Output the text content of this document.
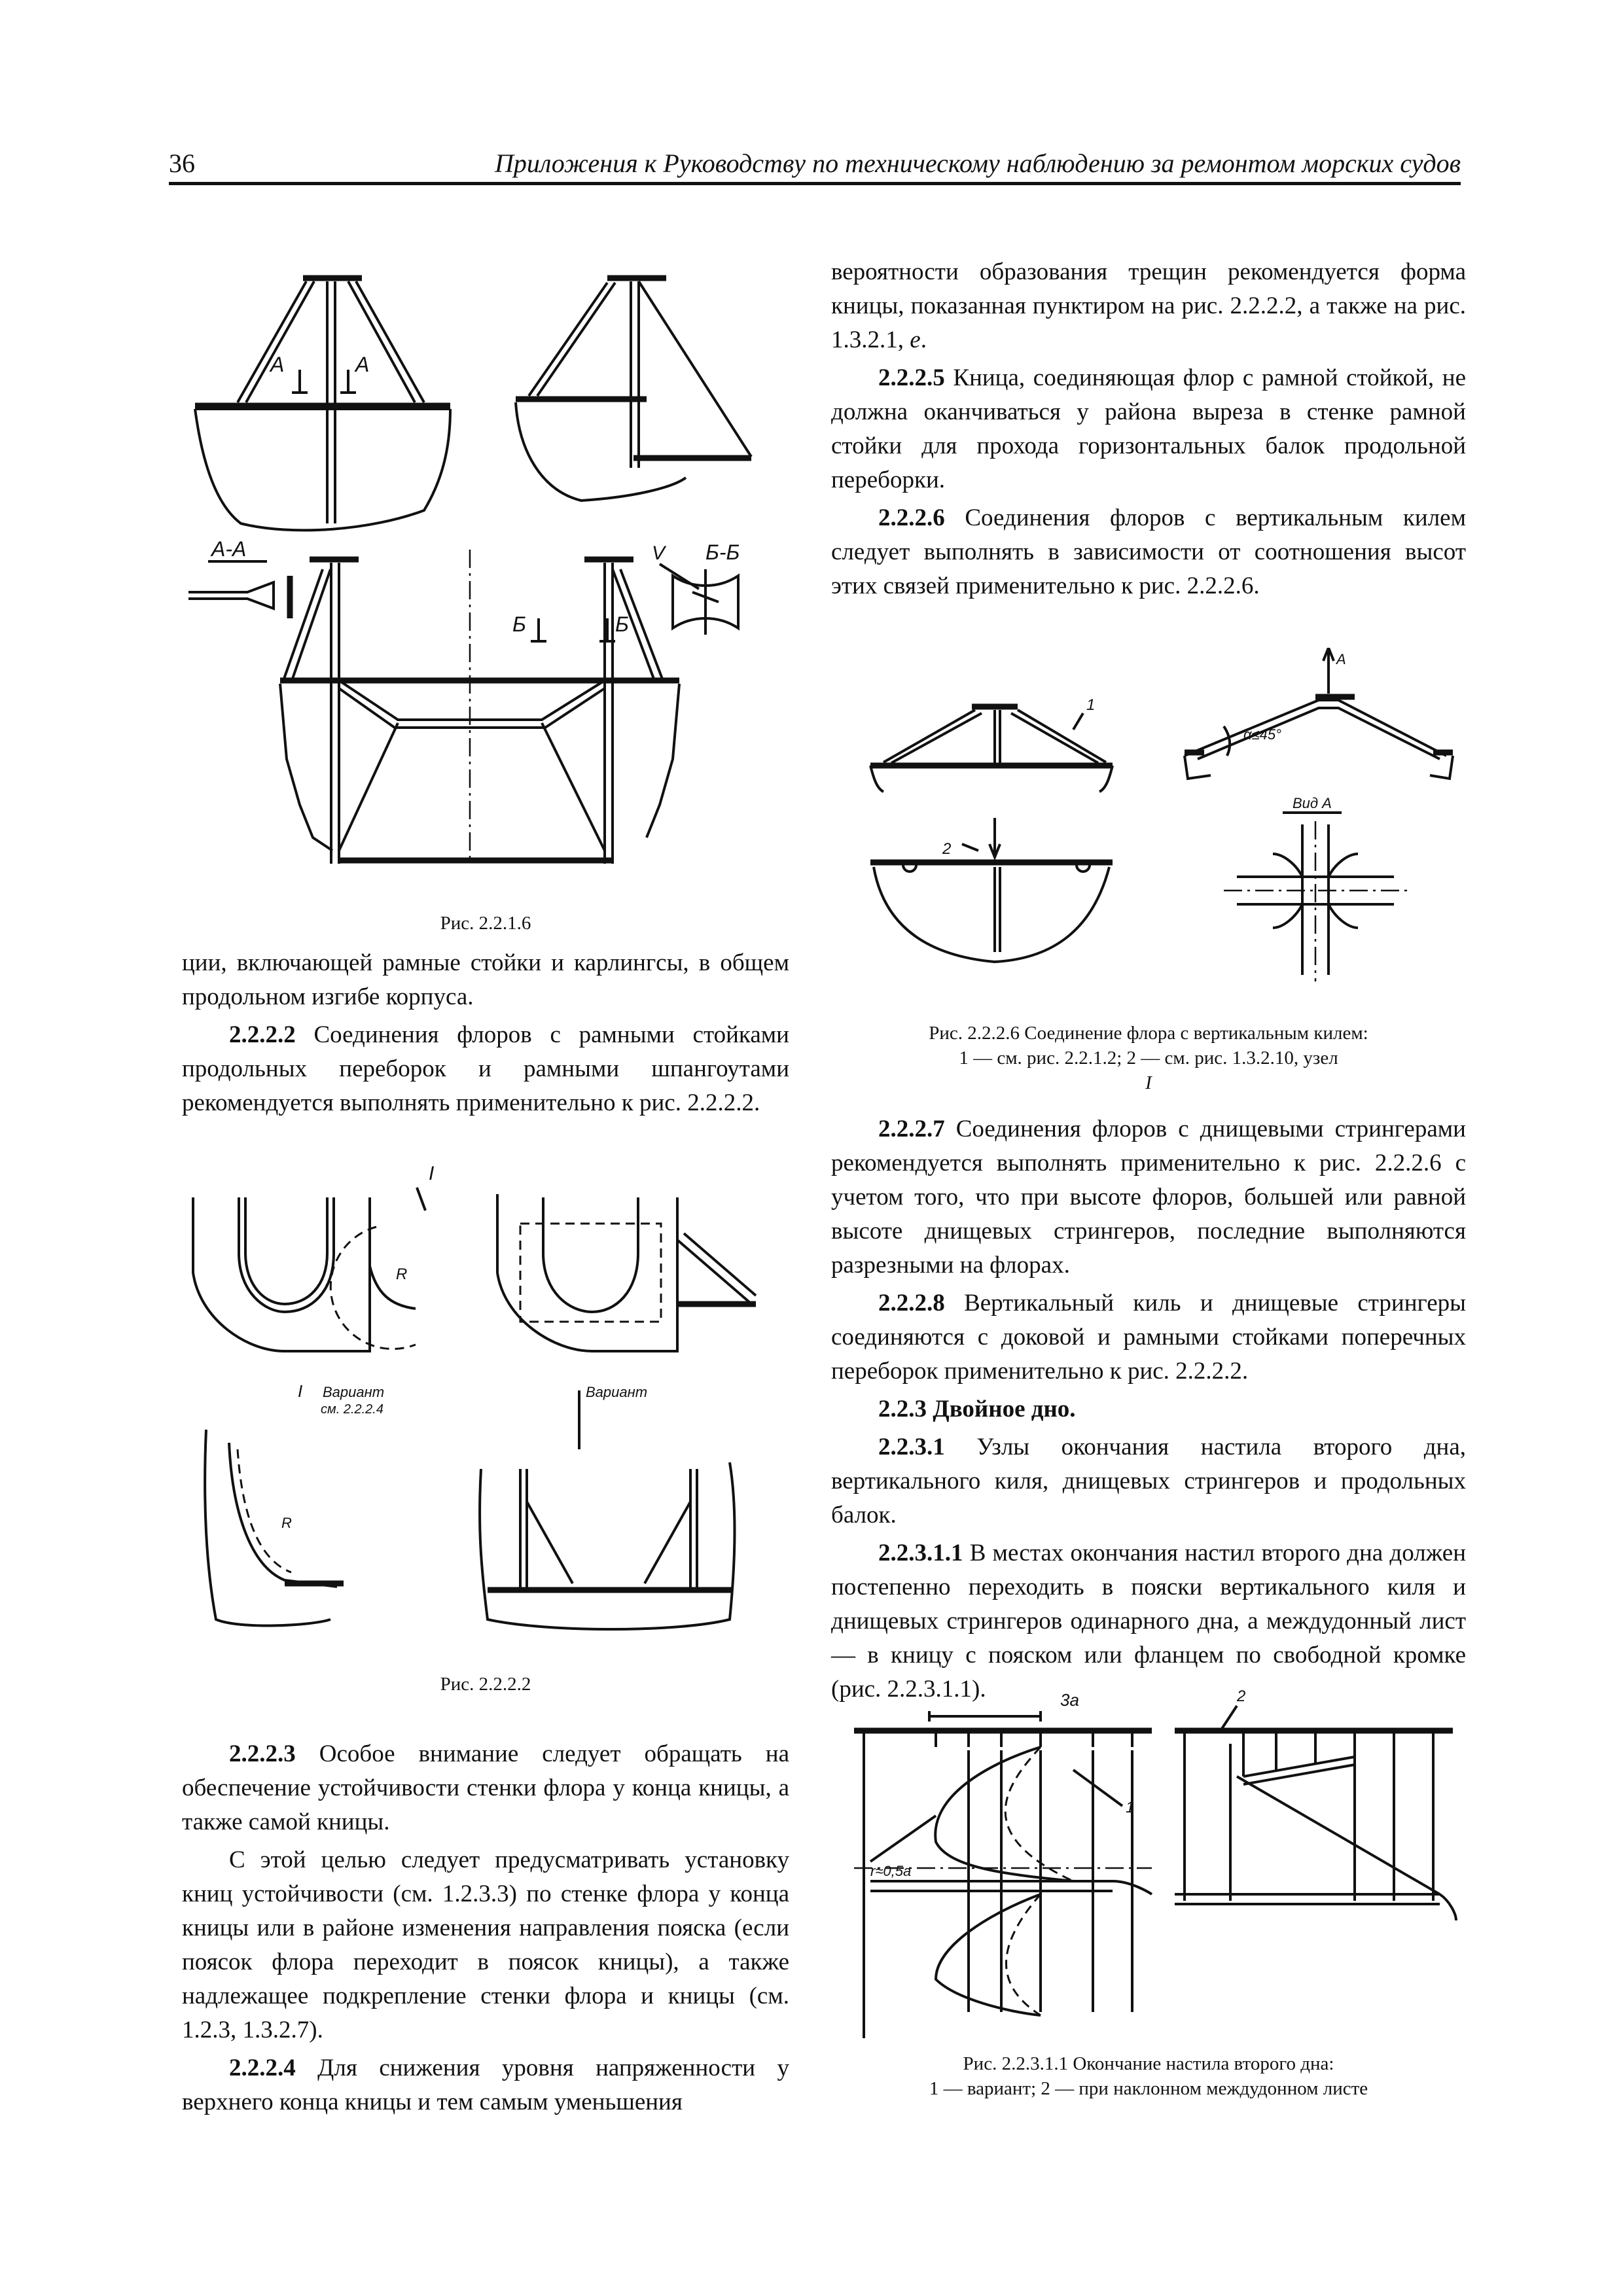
36	Приложения к Руководству по техническому наблюдению за ремонтом морских судов
А	А
А-А	Б-Б
V
Б	Б
Рис. 2.2.1.6

ции, включающей рамные стойки и карлингсы, в общем продольном изгибе корпуса.

2.2.2.2 Соединения флоров с рамными стойками продольных переборок и рамными шпангоутами рекомендуется выполнять применительно к рис. 2.2.2.2.

I
R
I Вариант
см. 2.2.2.4
Вариант
R
Рис. 2.2.2.2

2.2.2.3 Особое внимание следует обращать на обеспечение устойчивости стенки флора у конца кницы, а также самой кницы.

С этой целью следует предусматривать установку книц устойчивости (см. 1.2.3.3) по стенке флора у конца кницы или в районе изменения направления пояска (если поясок флора переходит в поясок кницы), а также надлежащее подкрепление стенки флора и кницы (см. 1.2.3, 1.3.2.7).

2.2.2.4 Для снижения уровня напряженности у верхнего конца кницы и тем самым уменьшения

вероятности образования трещин рекомендуется форма кницы, показанная пунктиром на рис. 2.2.2.2, а также на рис. 1.3.2.1, е.

2.2.2.5 Кница, соединяющая флор с рамной стойкой, не должна оканчиваться у района выреза в стенке рамной стойки для прохода горизонтальных балок продольной переборки.

2.2.2.6 Соединения флоров с вертикальным килем следует выполнять в зависимости от соотношения высот этих связей применительно к рис. 2.2.2.6.

1
А
α≤45°
Вид А
2
Рис. 2.2.2.6 Соединение флора с вертикальным килем:
1 — см. рис. 2.2.1.2; 2 — см. рис. 1.3.2.10, узел
I

2.2.2.7 Соединения флоров с днищевыми стрингерами рекомендуется выполнять применительно к рис. 2.2.2.6 с учетом того, что при высоте флоров, большей или равной высоте днищевых стрингеров, последние выполняются разрезными на флорах.

2.2.2.8 Вертикальный киль и днищевые стрингеры соединяются с доковой и рамными стойками поперечных переборок применительно к рис. 2.2.2.2.

2.2.3 Двойное дно.

2.2.3.1 Узлы окончания настила второго дна, вертикального киля, днищевых стрингеров и продольных балок.

2.2.3.1.1 В местах окончания настил второго дна должен постепенно переходить в пояски вертикального киля и днищевых стрингеров одинарного дна, а междудонный лист — в кницу с пояском или фланцем по свободной кромке (рис. 2.2.3.1.1).	3a
r≈0,5a
1
2
Рис. 2.2.3.1.1 Окончание настила второго дна:
1 — вариант; 2 — при наклонном междудонном листе
